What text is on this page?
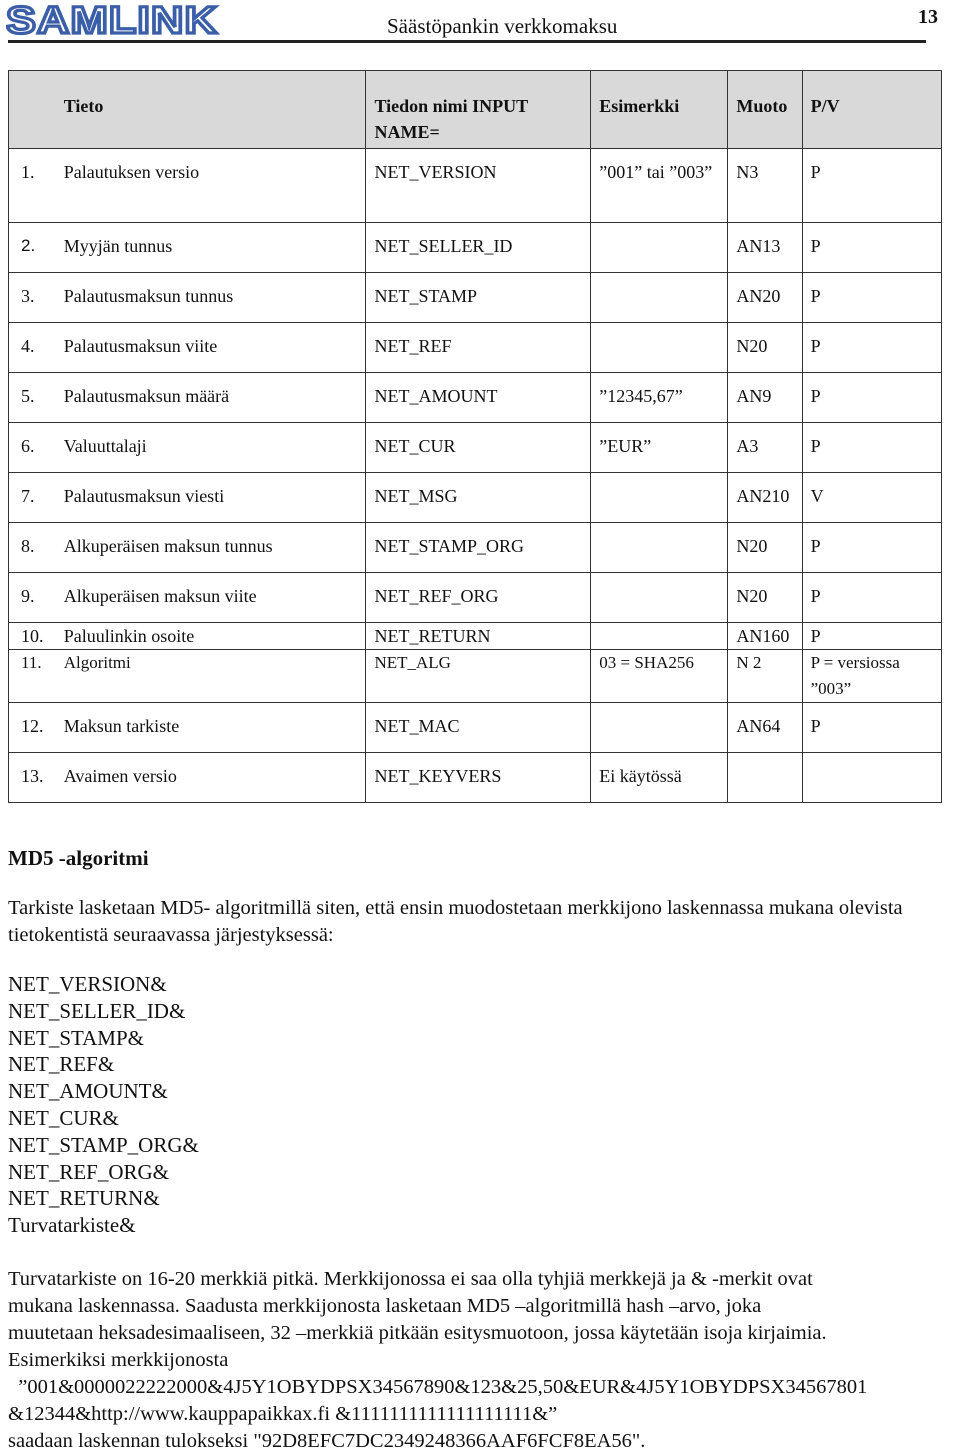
SAMLINK	Säästöpankin verkkomaksu	13
	Tieto	Tiedon nimi INPUT NAME=	Esimerkki	Muoto	P/V
1.	Palautuksen versio	NET_VERSION	”001” tai ”003”	N3	P
2.	Myyjän tunnus	NET_SELLER_ID		AN13	P
3.	Palautusmaksun tunnus	NET_STAMP		AN20	P
4.	Palautusmaksun viite	NET_REF		N20	P
5.	Palautusmaksun määrä	NET_AMOUNT	”12345,67”	AN9	P
6.	Valuuttalaji	NET_CUR	”EUR”	A3	P
7.	Palautusmaksun viesti	NET_MSG		AN210	V
8.	Alkuperäisen maksun tunnus	NET_STAMP_ORG		N20	P
9.	Alkuperäisen maksun viite	NET_REF_ORG		N20	P
10.	Paluulinkin osoite	NET_RETURN		AN160	P
11.	Algoritmi	NET_ALG	03 = SHA256	N 2	P = versiossa ”003”
12.	Maksun tarkiste	NET_MAC		AN64	P
13.	Avaimen versio	NET_KEYVERS	Ei käytössä		
MD5 -algoritmi
Tarkiste lasketaan MD5- algoritmillä siten, että ensin muodostetaan merkkijono laskennassa mukana olevista tietokentistä seuraavassa järjestyksessä:
NET_VERSION&
NET_SELLER_ID&
NET_STAMP&
NET_REF&
NET_AMOUNT&
NET_CUR&
NET_STAMP_ORG&
NET_REF_ORG&
NET_RETURN&
Turvatarkiste&
Turvatarkiste on 16-20 merkkiä pitkä. Merkkijonossa ei saa olla tyhjiä merkkejä ja & -merkit ovat
mukana laskennassa. Saadusta merkkijonosta lasketaan MD5 –algoritmillä hash –arvo, joka
muutetaan heksadesimaaliseen, 32 –merkkiä pitkään esitysmuotoon, jossa käytetään isoja kirjaimia.
Esimerkiksi merkkijonosta
”001&0000022222000&4J5Y1OBYDPSX34567890&123&25,50&EUR&4J5Y1OBYDPSX34567801
&12344&http://www.kauppapaikkax.fi &1111111111111111111&”
saadaan laskennan tulokseksi "92D8EFC7DC2349248366AAF6FCF8EA56".
